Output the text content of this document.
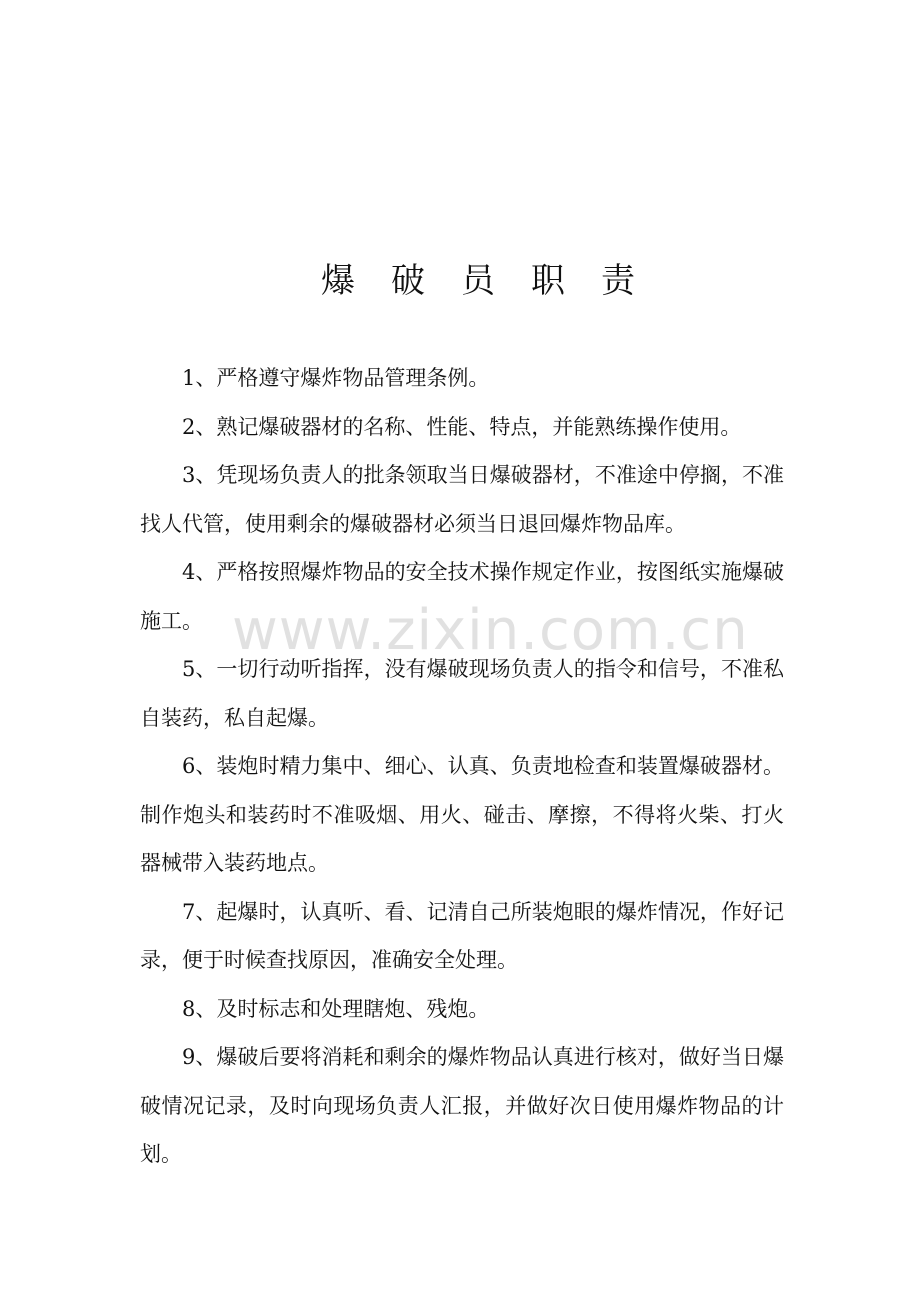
爆 破 员 职 责

1、严格遵守爆炸物品管理条例。

2、熟记爆破器材的名称、性能、特点，并能熟练操作使用。

3、凭现场负责人的批条领取当日爆破器材，不准途中停搁，不准找人代管，使用剩余的爆破器材必须当日退回爆炸物品库。

4、严格按照爆炸物品的安全技术操作规定作业，按图纸实施爆破施工。

5、一切行动听指挥，没有爆破现场负责人的指令和信号，不准私自装药，私自起爆。

6、装炮时精力集中、细心、认真、负责地检查和装置爆破器材。制作炮头和装药时不准吸烟、用火、碰击、摩擦，不得将火柴、打火器械带入装药地点。

7、起爆时，认真听、看、记清自己所装炮眼的爆炸情况，作好记录，便于时候查找原因，准确安全处理。

8、及时标志和处理瞎炮、残炮。

9、爆破后要将消耗和剩余的爆炸物品认真进行核对，做好当日爆破情况记录，及时向现场负责人汇报，并做好次日使用爆炸物品的计划。

www.zixin.com.cn
